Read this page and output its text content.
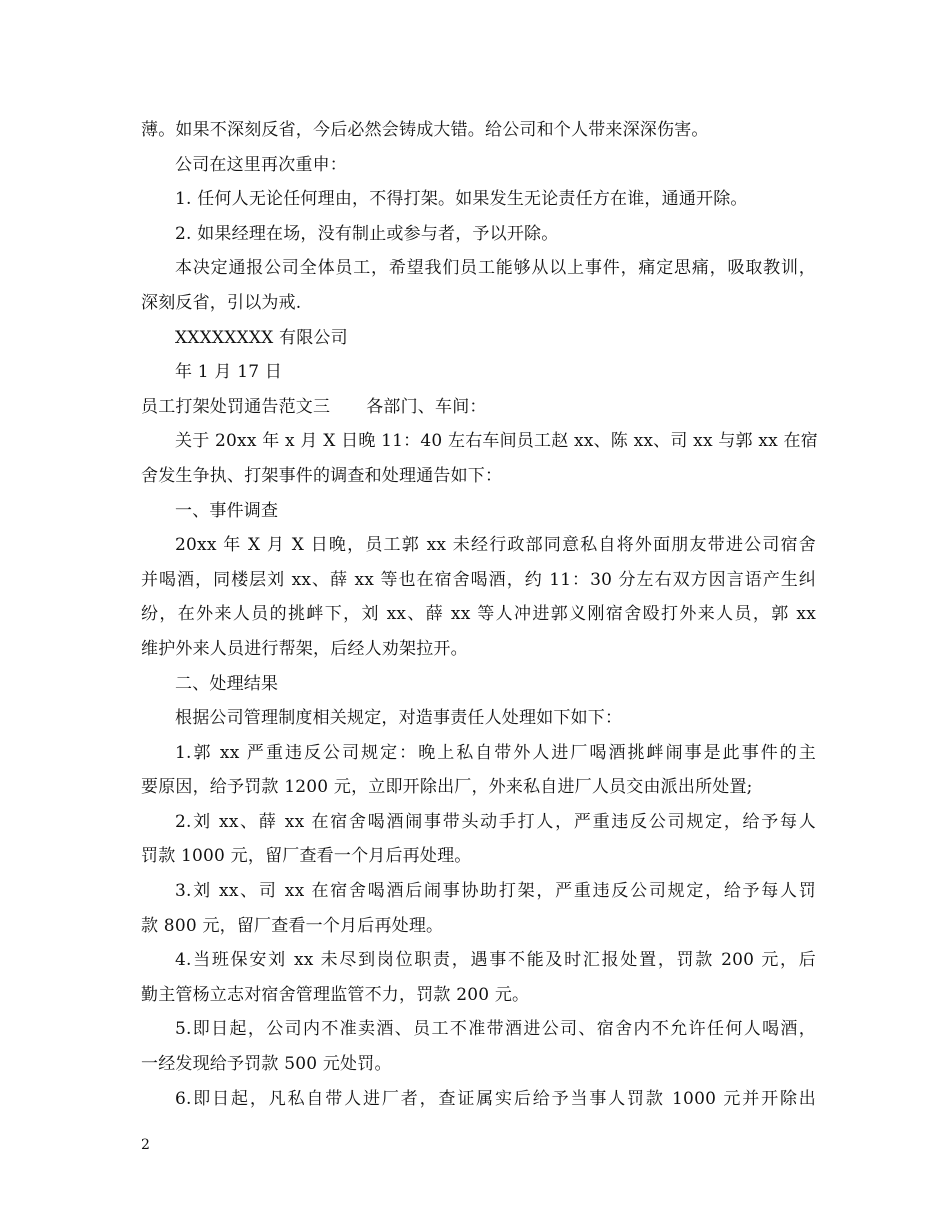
薄。如果不深刻反省，今后必然会铸成大错。给公司和个人带来深深伤害。
公司在这里再次重申：
1. 任何人无论任何理由，不得打架。如果发生无论责任方在谁，通通开除。
2. 如果经理在场，没有制止或参与者，予以开除。
本决定通报公司全体员工，希望我们员工能够从以上事件，痛定思痛，吸取教训，
深刻反省，引以为戒.
XXXXXXXX 有限公司
年 1 月 17 日
员工打架处罚通告范文三 各部门、车间：
关于 20xx 年 x 月 X 日晚 11：40 左右车间员工赵 xx、陈 xx、司 xx 与郭 xx 在宿
舍发生争执、打架事件的调查和处理通告如下：
一、事件调查
20xx 年 X 月 X 日晚，员工郭 xx 未经行政部同意私自将外面朋友带进公司宿舍
并喝酒，同楼层刘 xx、薛 xx 等也在宿舍喝酒，约 11：30 分左右双方因言语产生纠
纷，在外来人员的挑衅下，刘 xx、薛 xx 等人冲进郭义刚宿舍殴打外来人员，郭 xx
维护外来人员进行帮架，后经人劝架拉开。
二、处理结果
根据公司管理制度相关规定，对造事责任人处理如下如下：
1.郭 xx 严重违反公司规定：晚上私自带外人进厂喝酒挑衅闹事是此事件的主
要原因，给予罚款 1200 元，立即开除出厂，外来私自进厂人员交由派出所处置;
2.刘 xx、薛 xx 在宿舍喝酒闹事带头动手打人，严重违反公司规定，给予每人
罚款 1000 元，留厂查看一个月后再处理。
3.刘 xx、司 xx 在宿舍喝酒后闹事协助打架，严重违反公司规定，给予每人罚
款 800 元，留厂查看一个月后再处理。
4.当班保安刘 xx 未尽到岗位职责，遇事不能及时汇报处置，罚款 200 元，后
勤主管杨立志对宿舍管理监管不力，罚款 200 元。
5.即日起，公司内不准卖酒、员工不准带酒进公司、宿舍内不允许任何人喝酒，
一经发现给予罚款 500 元处罚。
6.即日起，凡私自带人进厂者，查证属实后给予当事人罚款 1000 元并开除出
2
